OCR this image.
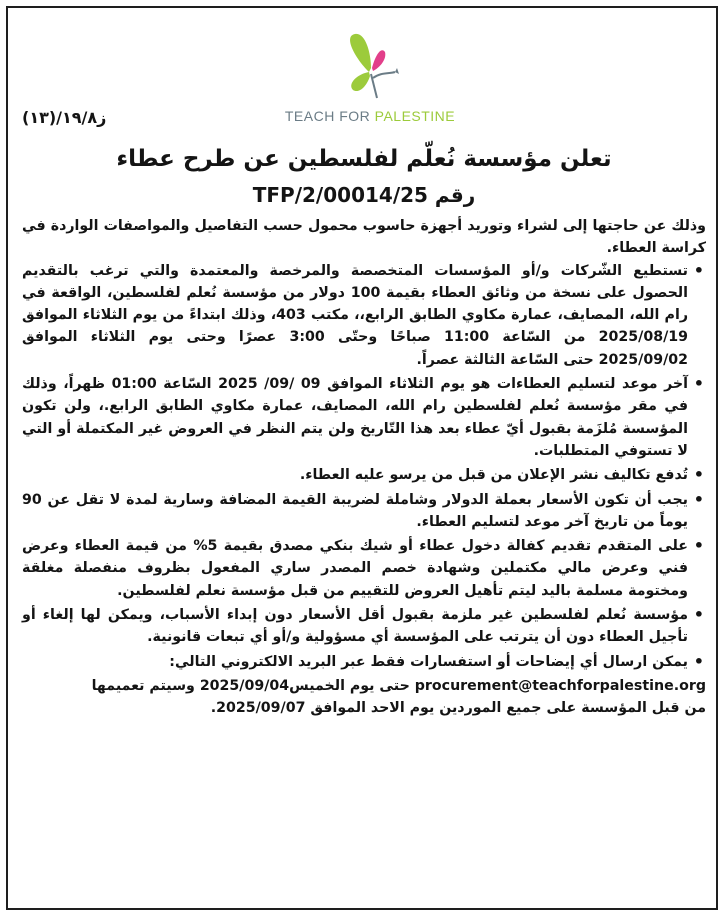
TEACH FOR PALESTINE
ز١٩/٨/(١٣)
تعلن مؤسسة نُعلّم لفلسطين عن طرح عطاء
رقم TFP/2/00014/25

وذلك عن حاجتها إلى لشراء وتوريد أجهزة حاسوب محمول حسب التفاصيل والمواصفات الواردة في كراسة العطاء.

• تستطيع الشّركات و/أو المؤسسات المتخصصة والمرخصة والمعتمدة والتي ترغب بالتقديم الحصول على نسخة من وثائق العطاء بقيمة 100 دولار من مؤسسة نُعلم لفلسطين، الواقعة في رام الله، المصايف، عمارة مكاوي الطابق الرابع،، مكتب 403، وذلك ابتداءً من يوم الثلاثاء الموافق 2025/08/19 من السّاعة 11:00 صباحًا وحتّى 3:00 عصرًا وحتى يوم الثلاثاء الموافق 2025/09/02 حتى السّاعة الثالثة عصراً.
• آخر موعد لتسليم العطاءات هو يوم الثلاثاء الموافق 09 /09/ 2025 السّاعة 01:00 ظهراً، وذلك في مقر مؤسسة نُعلم لفلسطين رام الله، المصايف، عمارة مكاوي الطابق الرابع.، ولن تكون المؤسسة مُلزَمة بقبول أيّ عطاء بعد هذا التّاريخ ولن يتم النظر في العروض غير المكتملة أو التي لا تستوفي المتطلبات.
• تُدفع تكاليف نشر الإعلان من قبل من يرسو عليه العطاء.
• يجب أن تكون الأسعار بعملة الدولار وشاملة لضريبة القيمة المضافة وسارية لمدة لا تقل عن 90 يوماً من تاريخ آخر موعد لتسليم العطاء.
• على المتقدم تقديم كفالة دخول عطاء أو شيك بنكي مصدق بقيمة 5% من قيمة العطاء وعرض فني وعرض مالي مكتملين وشهادة خصم المصدر ساري المفعول بظروف منفصلة مغلقة ومختومة مسلمة باليد ليتم تأهيل العروض للتقييم من قبل مؤسسة نعلم لفلسطين.
• مؤسسة نُعلم لفلسطين غير ملزمة بقبول أقل الأسعار دون إبداء الأسباب، ويمكن لها إلغاء أو تأجيل العطاء دون أن يترتب على المؤسسة أي مسؤولية و/أو أي تبعات قانونية.
• يمكن ارسال أي إيضاحات أو استفسارات فقط عبر البريد الالكتروني التالي:

procurement@teachforpalestine.org حتى يوم الخميس2025/09/04 وسيتم تعميمها

من قبل المؤسسة على جميع الموردين يوم الاحد الموافق 2025/09/07.
